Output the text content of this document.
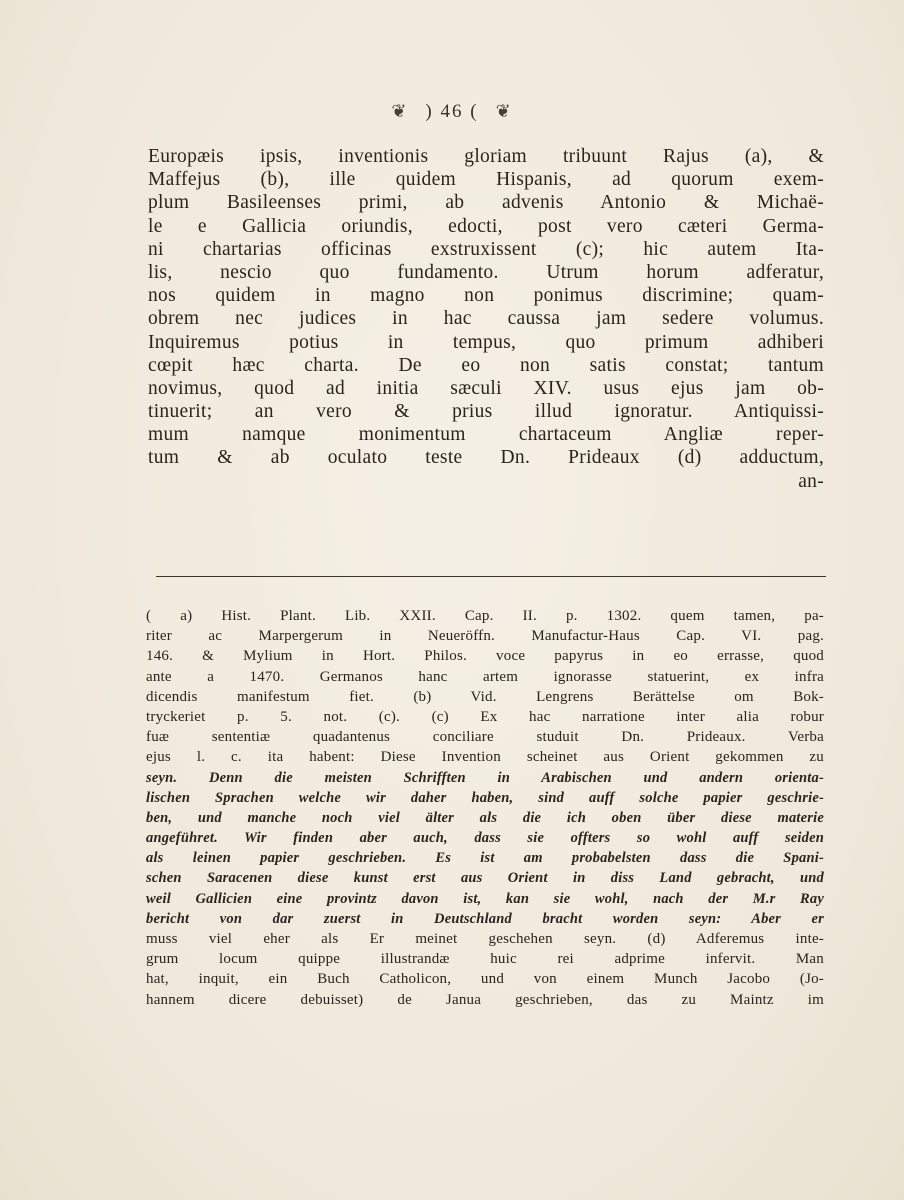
❦ ) 46 ( ❦
Europæis ipsis, inventionis gloriam tribuunt Rajus (a), &
Maffejus (b), ille quidem Hispanis, ad quorum exem-
plum Basileenses primi, ab advenis Antonio & Michaë-
le e Gallicia oriundis, edocti, post vero cæteri Germa-
ni chartarias officinas exstruxissent (c); hic autem Ita-
lis, nescio quo fundamento. Utrum horum adferatur,
nos quidem in magno non ponimus discrimine; quam-
obrem nec judices in hac caussa jam sedere volumus.
Inquiremus potius in tempus, quo primum adhiberi
cœpit hæc charta. De eo non satis constat; tantum
novimus, quod ad initia sæculi XIV. usus ejus jam ob-
tinuerit; an vero & prius illud ignoratur. Antiquissi-
mum namque monimentum chartaceum Angliæ reper-
tum & ab oculato teste Dn. Prideaux (d) adductum,
an-
( a) Hist. Plant. Lib. XXII. Cap. II. p. 1302. quem tamen, pa-
riter ac Marpergerum in Neueröffn. Manufactur-Haus Cap. VI. pag.
146. & Mylium in Hort. Philos. voce papyrus in eo errasse, quod
ante a 1470. Germanos hanc artem ignorasse statuerint, ex infra
dicendis manifestum fiet. (b) Vid. Lengrens Berättelse om Bok-
tryckeriet p. 5. not. (c). (c) Ex hac narratione inter alia robur
fuæ sententiæ quadantenus conciliare studuit Dn. Prideaux. Verba
ejus l. c. ita habent: Diese Invention scheinet aus Orient gekommen zu
seyn. Denn die meisten Schrifften in Arabischen und andern orienta-
lischen Sprachen welche wir daher haben, sind auff solche papier geschrie-
ben, und manche noch viel älter als die ich oben über diese materie
angeführet. Wir finden aber auch, dass sie offters so wohl auff seiden
als leinen papier geschrieben. Es ist am probabelsten dass die Spani-
schen Saracenen diese kunst erst aus Orient in diss Land gebracht, und
weil Gallicien eine provintz davon ist, kan sie wohl, nach der M.r Ray
bericht von dar zuerst in Deutschland bracht worden seyn: Aber er
muss viel eher als Er meinet geschehen seyn. (d) Adferemus inte-
grum locum quippe illustrandæ huic rei adprime infervit. Man
hat, inquit, ein Buch Catholicon, und von einem Munch Jacobo (Jo-
hannem dicere debuisset) de Janua geschrieben, das zu Maintz im
